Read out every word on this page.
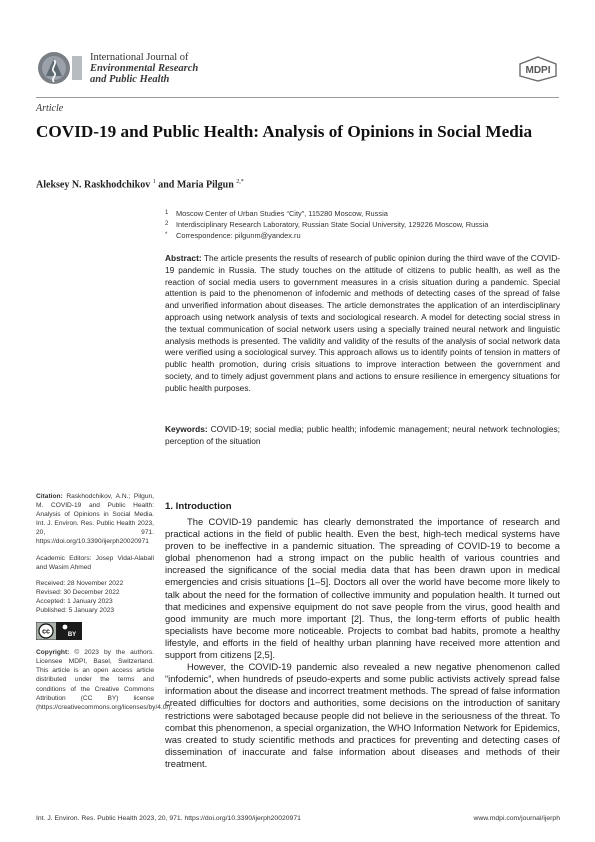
International Journal of
Environmental Research
and Public Health
MDPI
Article
COVID-19 and Public Health: Analysis of Opinions in Social Media
Aleksey N. Raskhodchikov $^1$ and Maria Pilgun $^{2,*}$
1	Moscow Center of Urban Studies “City”, 115280 Moscow, Russia
2	Interdisciplinary Research Laboratory, Russian State Social University, 129226 Moscow, Russia
*	Correspondence: pilgunm@yandex.ru
Abstract: The article presents the results of research of public opinion during the third wave of the COVID-19 pandemic in Russia. The study touches on the attitude of citizens to public health, as well as the reaction of social media users to government measures in a crisis situation during a pandemic. Special attention is paid to the phenomenon of infodemic and methods of detecting cases of the spread of false and unverified information about diseases. The article demonstrates the application of an interdisciplinary approach using network analysis of texts and sociological research. A model for detecting social stress in the textual communication of social network users using a specially trained neural network and linguistic analysis methods is presented. The validity and validity of the results of the analysis of social network data were verified using a sociological survey. This approach allows us to identify points of tension in matters of public health promotion, during crisis situations to improve interaction between the government and society, and to timely adjust government plans and actions to ensure resilience in emergency situations for public health purposes.
Keywords: COVID-19; social media; public health; infodemic management; neural network technologies; perception of the situation

Citation: Raskhodchikov, A.N.; Pilgun, M. COVID-19 and Public Health: Analysis of Opinions in Social Media. Int. J. Environ. Res. Public Health 2023, 20, 971. https://doi.org/10.3390/ijerph20020971

Academic Editors: Josep Vidal-Alaball and Wasim Ahmed

Received: 28 November 2022
Revised: 30 December 2022
Accepted: 1 January 2023
Published: 5 January 2023
cc	BY

Copyright: © 2023 by the authors. Licensee MDPI, Basel, Switzerland. This article is an open access article distributed under the terms and conditions of the Creative Commons Attribution (CC BY) license (https://creativecommons.org/licenses/by/4.0/).

1. Introduction

The COVID-19 pandemic has clearly demonstrated the importance of research and practical actions in the field of public health. Even the best, high-tech medical systems have proven to be ineffective in a pandemic situation. The spreading of COVID-19 to become a global phenomenon had a strong impact on the public health of various countries and increased the significance of the social media data that has been drawn upon in medical emergencies and crisis situations [1–5]. Doctors all over the world have become more likely to talk about the need for the formation of collective immunity and population health. It turned out that medicines and expensive equipment do not save people from the virus, good health and good immunity are much more important [2]. Thus, the long-term efforts of public health specialists have become more noticeable. Projects to combat bad habits, promote a healthy lifestyle, and efforts in the field of healthy urban planning have received more attention and support from citizens [2,5].

However, the COVID-19 pandemic also revealed a new negative phenomenon called “infodemic”, when hundreds of pseudo-experts and some public activists actively spread false information about the disease and incorrect treatment methods. The spread of false information created difficulties for doctors and authorities, some decisions on the introduction of sanitary restrictions were sabotaged because people did not believe in the seriousness of the threat. To combat this phenomenon, a special organization, the WHO Information Network for Epidemics, was created to study scientific methods and practices for preventing and detecting cases of dissemination of inaccurate and false information about diseases and methods of their treatment.

Int. J. Environ. Res. Public Health 2023, 20, 971. https://doi.org/10.3390/ijerph20020971	www.mdpi.com/journal/ijerph
